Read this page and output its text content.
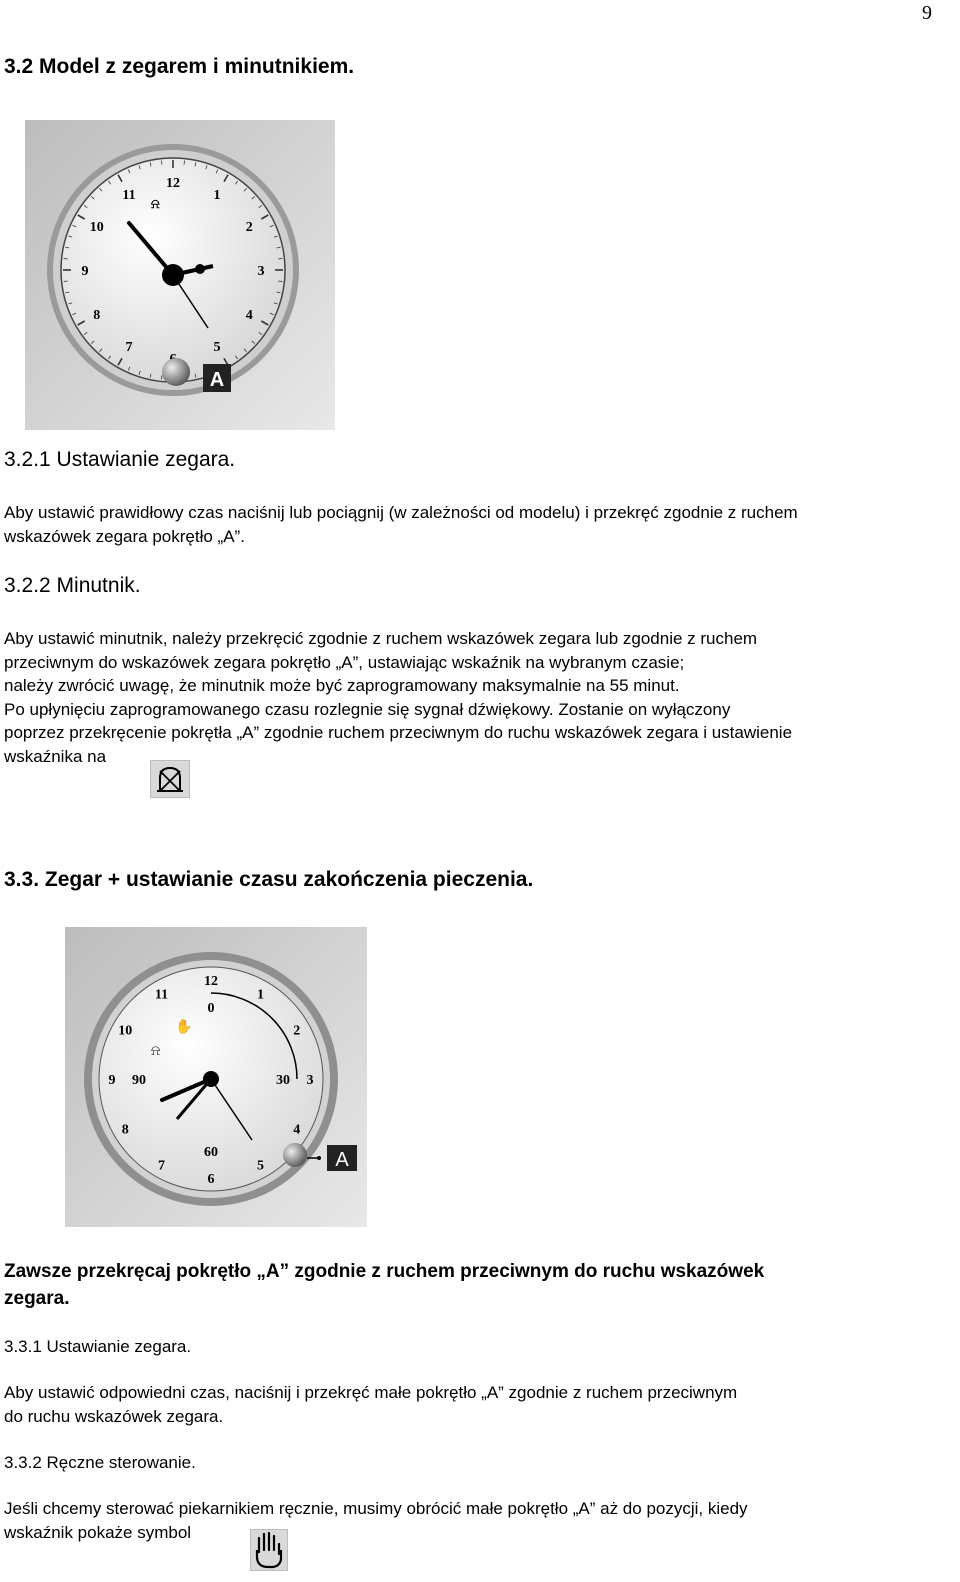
9
3.2 Model z zegarem i minutnikiem.
12
1
2
3
4
5
7
8
9
10
11
⍾
A
3.2.1 Ustawianie zegara.
Aby ustawić prawidłowy czas naciśnij lub pociągnij (w zależności od modelu) i przekręć zgodnie z ruchem
wskazówek zegara pokrętło „A”.
3.2.2 Minutnik.
Aby ustawić minutnik, należy przekręcić zgodnie z ruchem wskazówek zegara lub zgodnie z ruchem
przeciwnym do wskazówek zegara pokrętło „A”, ustawiając wskaźnik na wybranym czasie;
należy zwrócić uwagę, że minutnik może być zaprogramowany maksymalnie na 55 minut.
Po upłynięciu zaprogramowanego czasu rozlegnie się sygnał dźwiękowy. Zostanie on wyłączony
poprzez przekręcenie pokrętła „A” zgodnie ruchem przeciwnym do ruchu wskazówek zegara i ustawienie
wskaźnika na
3.3. Zegar + ustawianie czasu zakończenia pieczenia.
12
1
2
3
4
5
6
7
8
9
10
11
0
30
60
90
✋
⍾
A
Zawsze przekręcaj pokrętło „A” zgodnie z ruchem przeciwnym do ruchu wskazówek
zegara.
3.3.1 Ustawianie zegara.
Aby ustawić odpowiedni czas, naciśnij i przekręć małe pokrętło „A” zgodnie z ruchem przeciwnym
do ruchu wskazówek zegara.
3.3.2 Ręczne sterowanie.
Jeśli chcemy sterować piekarnikiem ręcznie, musimy obrócić małe pokrętło „A” aż do pozycji, kiedy
wskaźnik pokaże symbol
